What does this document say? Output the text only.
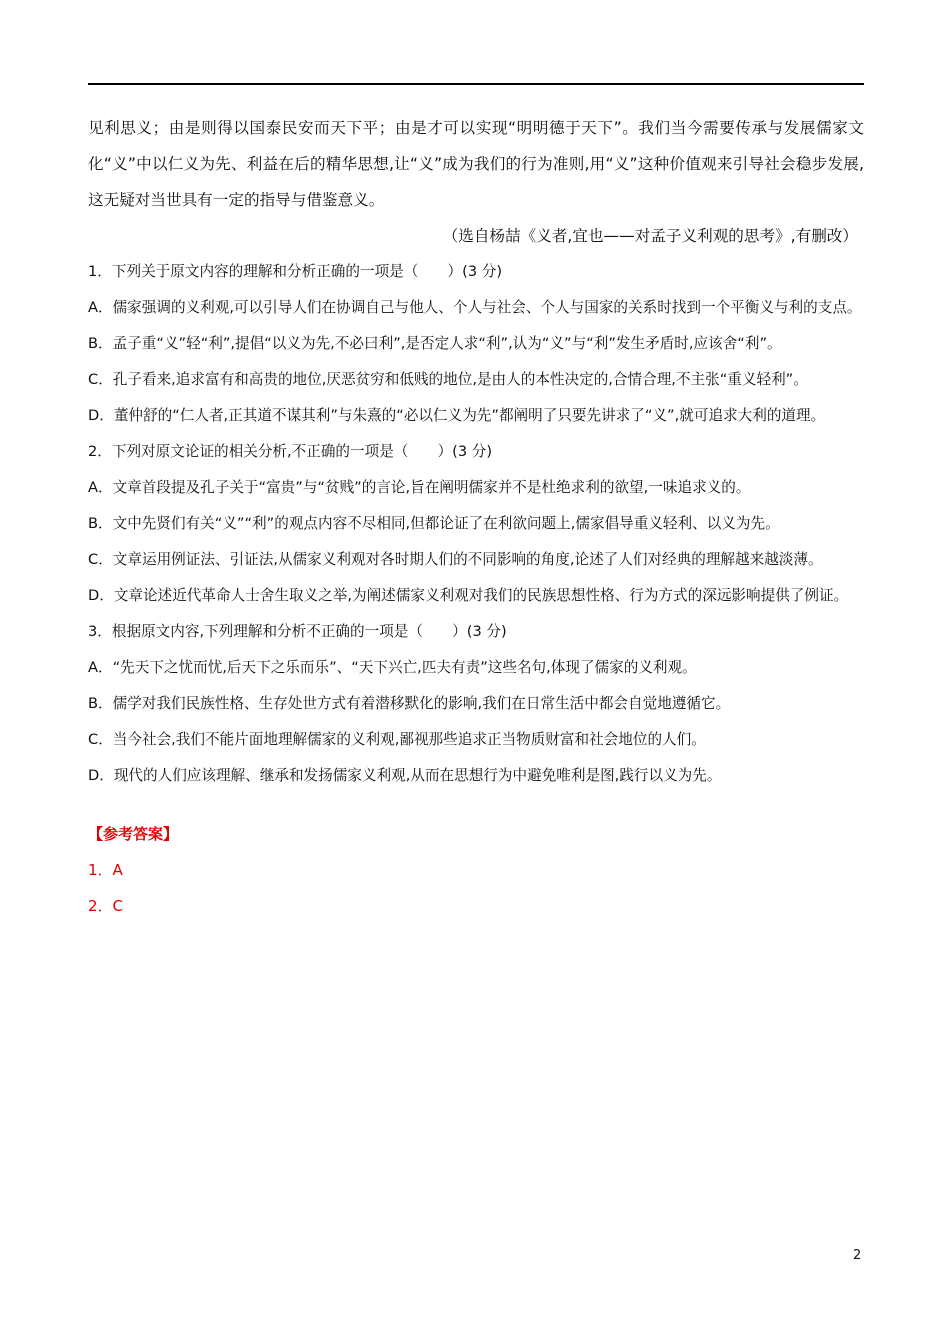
见利思义；由是则得以国泰民安而天下平；由是才可以实现“明明德于天下”。我们当今需要传承与发展儒家文化“义”中以仁义为先、利益在后的精华思想,让“义”成为我们的行为准则,用“义”这种价值观来引导社会稳步发展,这无疑对当世具有一定的指导与借鉴意义。

（选自杨喆《义者,宜也——对孟子义利观的思考》,有删改）

1．下列关于原文内容的理解和分析正确的一项是（　　）(3 分)

A．儒家强调的义利观,可以引导人们在协调自己与他人、个人与社会、个人与国家的关系时找到一个平衡义与利的支点。

B．孟子重“义”轻“利”,提倡“以义为先,不必曰利”,是否定人求“利”,认为“义”与“利”发生矛盾时,应该舍“利”。

C．孔子看来,追求富有和高贵的地位,厌恶贫穷和低贱的地位,是由人的本性决定的,合情合理,不主张“重义轻利”。

D．董仲舒的“仁人者,正其道不谋其利”与朱熹的“必以仁义为先”都阐明了只要先讲求了“义”,就可追求大利的道理。

2．下列对原文论证的相关分析,不正确的一项是（　　）(3 分)

A．文章首段提及孔子关于“富贵”与“贫贱”的言论,旨在阐明儒家并不是杜绝求利的欲望,一味追求义的。

B．文中先贤们有关“义”“利”的观点内容不尽相同,但都论证了在利欲问题上,儒家倡导重义轻利、以义为先。

C．文章运用例证法、引证法,从儒家义利观对各时期人们的不同影响的角度,论述了人们对经典的理解越来越淡薄。

D．文章论述近代革命人士舍生取义之举,为阐述儒家义利观对我们的民族思想性格、行为方式的深远影响提供了例证。

3．根据原文内容,下列理解和分析不正确的一项是（　　）(3 分)

A．“先天下之忧而忧,后天下之乐而乐”、“天下兴亡,匹夫有责”这些名句,体现了儒家的义利观。

B．儒学对我们民族性格、生存处世方式有着潜移默化的影响,我们在日常生活中都会自觉地遵循它。

C．当今社会,我们不能片面地理解儒家的义利观,鄙视那些追求正当物质财富和社会地位的人们。

D．现代的人们应该理解、继承和发扬儒家义利观,从而在思想行为中避免唯利是图,践行以义为先。

【参考答案】
1．A
2．C
2
